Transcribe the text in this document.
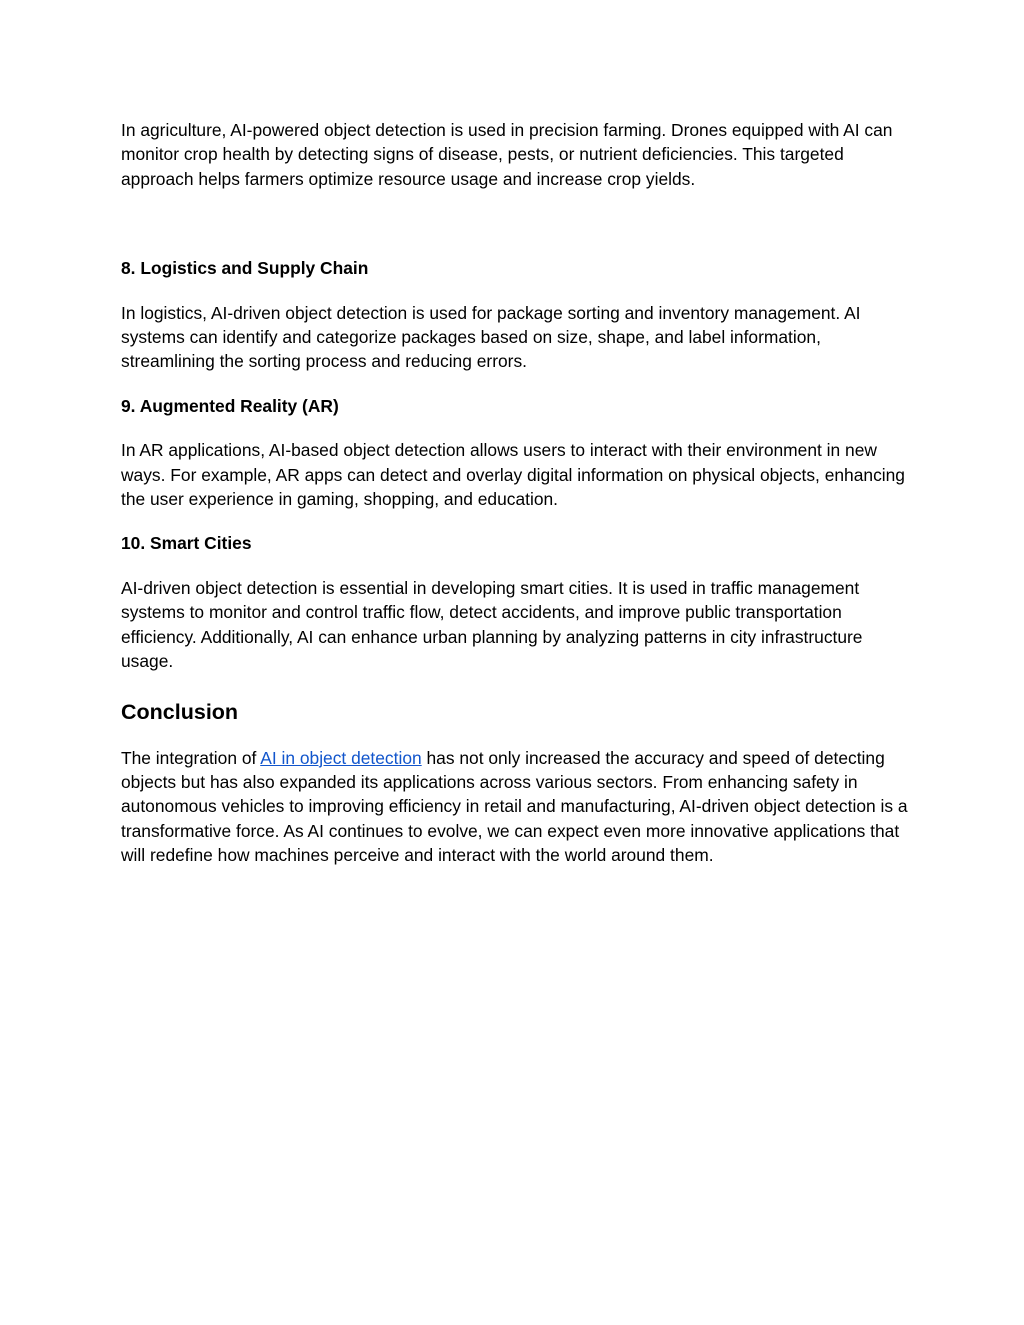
In agriculture, AI-powered object detection is used in precision farming. Drones equipped with AI can monitor crop health by detecting signs of disease, pests, or nutrient deficiencies. This targeted approach helps farmers optimize resource usage and increase crop yields.

8. Logistics and Supply Chain

In logistics, AI-driven object detection is used for package sorting and inventory management. AI systems can identify and categorize packages based on size, shape, and label information, streamlining the sorting process and reducing errors.

9. Augmented Reality (AR)

In AR applications, AI-based object detection allows users to interact with their environment in new ways. For example, AR apps can detect and overlay digital information on physical objects, enhancing the user experience in gaming, shopping, and education.

10. Smart Cities

AI-driven object detection is essential in developing smart cities. It is used in traffic management systems to monitor and control traffic flow, detect accidents, and improve public transportation efficiency. Additionally, AI can enhance urban planning by analyzing patterns in city infrastructure usage.

Conclusion

The integration of AI in object detection has not only increased the accuracy and speed of detecting objects but has also expanded its applications across various sectors. From enhancing safety in autonomous vehicles to improving efficiency in retail and manufacturing, AI-driven object detection is a transformative force. As AI continues to evolve, we can expect even more innovative applications that will redefine how machines perceive and interact with the world around them.
